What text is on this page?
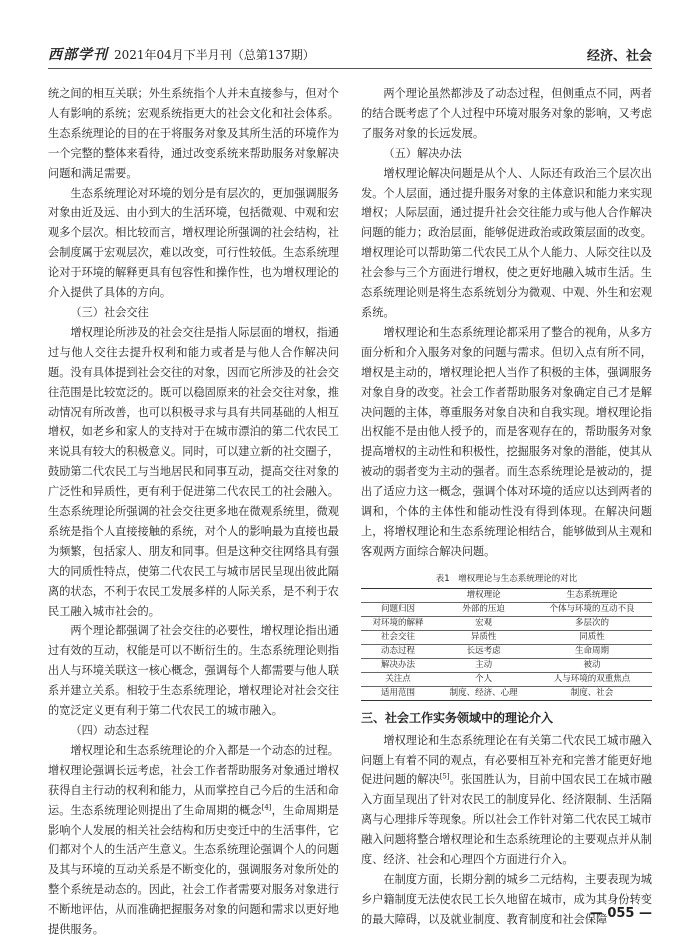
西部学刊 2021年04月下半月刊（总第137期）	经济、社会

统之间的相互关联；外生系统指个人并未直接参与，但对个人有影响的系统；宏观系统指更大的社会文化和社会体系。生态系统理论的目的在于将服务对象及其所生活的环境作为一个完整的整体来看待，通过改变系统来帮助服务对象解决问题和满足需要。

生态系统理论对环境的划分是有层次的，更加强调服务对象由近及远、由小到大的生活环境，包括微观、中观和宏观多个层次。相比较而言，增权理论所强调的社会结构，社会制度属于宏观层次，难以改变，可行性较低。生态系统理论对于环境的解释更具有包容性和操作性，也为增权理论的介入提供了具体的方向。

（三）社会交往

增权理论所涉及的社会交往是指人际层面的增权，指通过与他人交往去提升权利和能力或者是与他人合作解决问题。没有具体提到社会交往的对象，因而它所涉及的社会交往范围是比较宽泛的。既可以稳固原来的社会交往对象，推动情况有所改善，也可以积极寻求与具有共同基础的人相互增权，如老乡和家人的支持对于在城市漂泊的第二代农民工来说具有较大的积极意义。同时，可以建立新的社交圈子，鼓励第二代农民工与当地居民和同事互动，提高交往对象的广泛性和异质性，更有利于促进第二代农民工的社会融入。生态系统理论所强调的社会交往更多地在微观系统里，微观系统是指个人直接接触的系统，对个人的影响最为直接也最为频繁，包括家人、朋友和同事。但是这种交往网络具有强大的同质性特点，使第二代农民工与城市居民呈现出彼此隔离的状态，不利于农民工发展多样的人际关系，是不利于农民工融入城市社会的。

两个理论都强调了社会交往的必要性，增权理论指出通过有效的互动，权能是可以不断衍生的。生态系统理论则指出人与环境关联这一核心概念，强调每个人都需要与他人联系并建立关系。相较于生态系统理论，增权理论对社会交往的宽泛定义更有利于第二代农民工的城市融入。

（四）动态过程

增权理论和生态系统理论的介入都是一个动态的过程。增权理论强调长远考虑，社会工作者帮助服务对象通过增权获得自主行动的权利和能力，从而掌控自己今后的生活和命运。生态系统理论则提出了生命周期的概念[4]，生命周期是影响个人发展的相关社会结构和历史变迁中的生活事件，它们都对个人的生活产生意义。生态系统理论强调个人的问题及其与环境的互动关系是不断变化的，强调服务对象所处的整个系统是动态的。因此，社会工作者需要对服务对象进行不断地评估，从而准确把握服务对象的问题和需求以更好地提供服务。

两个理论虽然都涉及了动态过程，但侧重点不同，两者的结合既考虑了个人过程中环境对服务对象的影响，又考虑了服务对象的长远发展。

（五）解决办法

增权理论解决问题是从个人、人际还有政治三个层次出发。个人层面，通过提升服务对象的主体意识和能力来实现增权；人际层面，通过提升社会交往能力或与他人合作解决问题的能力；政治层面，能够促进政治或政策层面的改变。增权理论可以帮助第二代农民工从个人能力、人际交往以及社会参与三个方面进行增权，使之更好地融入城市生活。生态系统理论则是将生态系统划分为微观、中观、外生和宏观系统。

增权理论和生态系统理论都采用了整合的视角，从多方面分析和介入服务对象的问题与需求。但切入点有所不同，增权是主动的，增权理论把人当作了积极的主体，强调服务对象自身的改变。社会工作者帮助服务对象确定自己才是解决问题的主体，尊重服务对象自决和自我实现。增权理论指出权能不是由他人授予的，而是客观存在的，帮助服务对象提高增权的主动性和积极性，挖掘服务对象的潜能，使其从被动的弱者变为主动的强者。而生态系统理论是被动的，提出了适应力这一概念，强调个体对环境的适应以达到两者的调和，个体的主体性和能动性没有得到体现。在解决问题上，将增权理论和生态系统理论相结合，能够做到从主观和客观两方面综合解决问题。

表1　增权理论与生态系统理论的对比
	增权理论	生态系统理论
问题归因	外部的压迫	个体与环境的互动不良
对环境的解释	宏观	多层次的
社会交往	异质性	同质性
动态过程	长远考虑	生命周期
解决办法	主动	被动
关注点	个人	人与环境的双重焦点
适用范围	制度、经济、心理	制度、社会
三、社会工作实务领域中的理论介入

增权理论和生态系统理论在有关第二代农民工城市融入问题上有着不同的观点，有必要相互补充和完善才能更好地促进问题的解决[5]。张国胜认为，目前中国农民工在城市融入方面呈现出了针对农民工的制度异化、经济限制、生活隔离与心理排斥等现象。所以社会工作针对第二代农民工城市融入问题将整合增权理论和生态系统理论的主要观点并从制度、经济、社会和心理四个方面进行介入。

在制度方面，长期分割的城乡二元结构，主要表现为城乡户籍制度无法使农民工长久地留在城市，成为其身份转变的最大障碍，以及就业制度、教育制度和社会保障

— 055 —
